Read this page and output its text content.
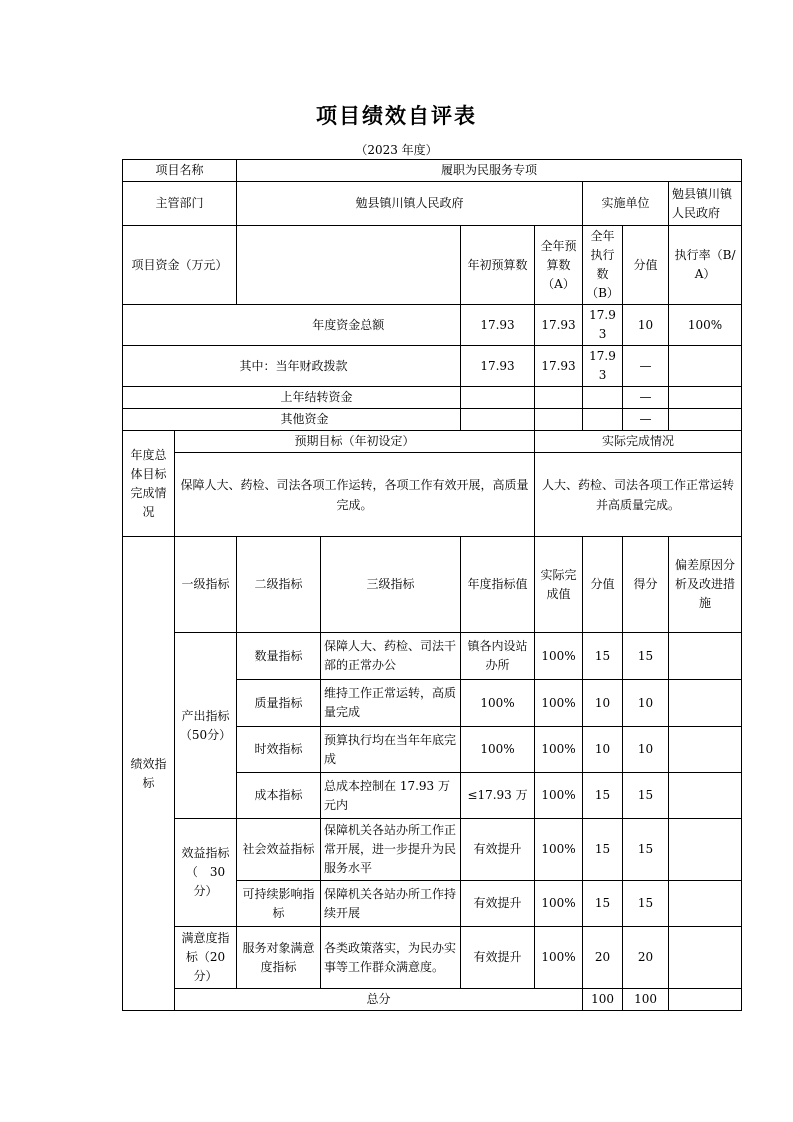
项目绩效自评表
（2023 年度）
项目名称		履职为民服务专项						
主管部门		勉县镇川镇人民政府				实施单位		勉县镇川镇人民政府
项目资金（万元）				年初预算数	全年预算数（A）	全年执行数（B）	分值	执行率（B/A）
		年度资金总额		17.93	17.93	17.93	10	100%
		其中：当年财政拨款		17.93	17.93	17.93	—	
		上年结转资金					—	
		其他资金					—	
年度总体目标完成情况	预期目标（年初设定）				实际完成情况			
	保障人大、药检、司法各项工作运转，各项工作有效开展，高质量完成。				人大、药检、司法各项工作正常运转并高质量完成。			
绩效指标	一级指标	二级指标	三级指标	年度指标值	实际完成值	分值	得分	偏差原因分析及改进措施
	产出指标（50分）	数量指标	保障人大、药检、司法干部的正常办公	镇各内设站办所	100%	15	15	
		质量指标	维持工作正常运转，高质量完成	100%	100%	10	10	
		时效指标	预算执行均在当年年底完成	100%	100%	10	10	
		成本指标	总成本控制在 17.93 万元内	≤17.93 万	100%	15	15	
	效益指标（　30分）	社会效益指标	保障机关各站办所工作正常开展，进一步提升为民服务水平	有效提升	100%	15	15	
		可持续影响指标	保障机关各站办所工作持续开展	有效提升	100%	15	15	
	满意度指标（20分）	服务对象满意度指标	各类政策落实，为民办实事等工作群众满意度。	有效提升	100%	20	20	
	总分					100	100	
